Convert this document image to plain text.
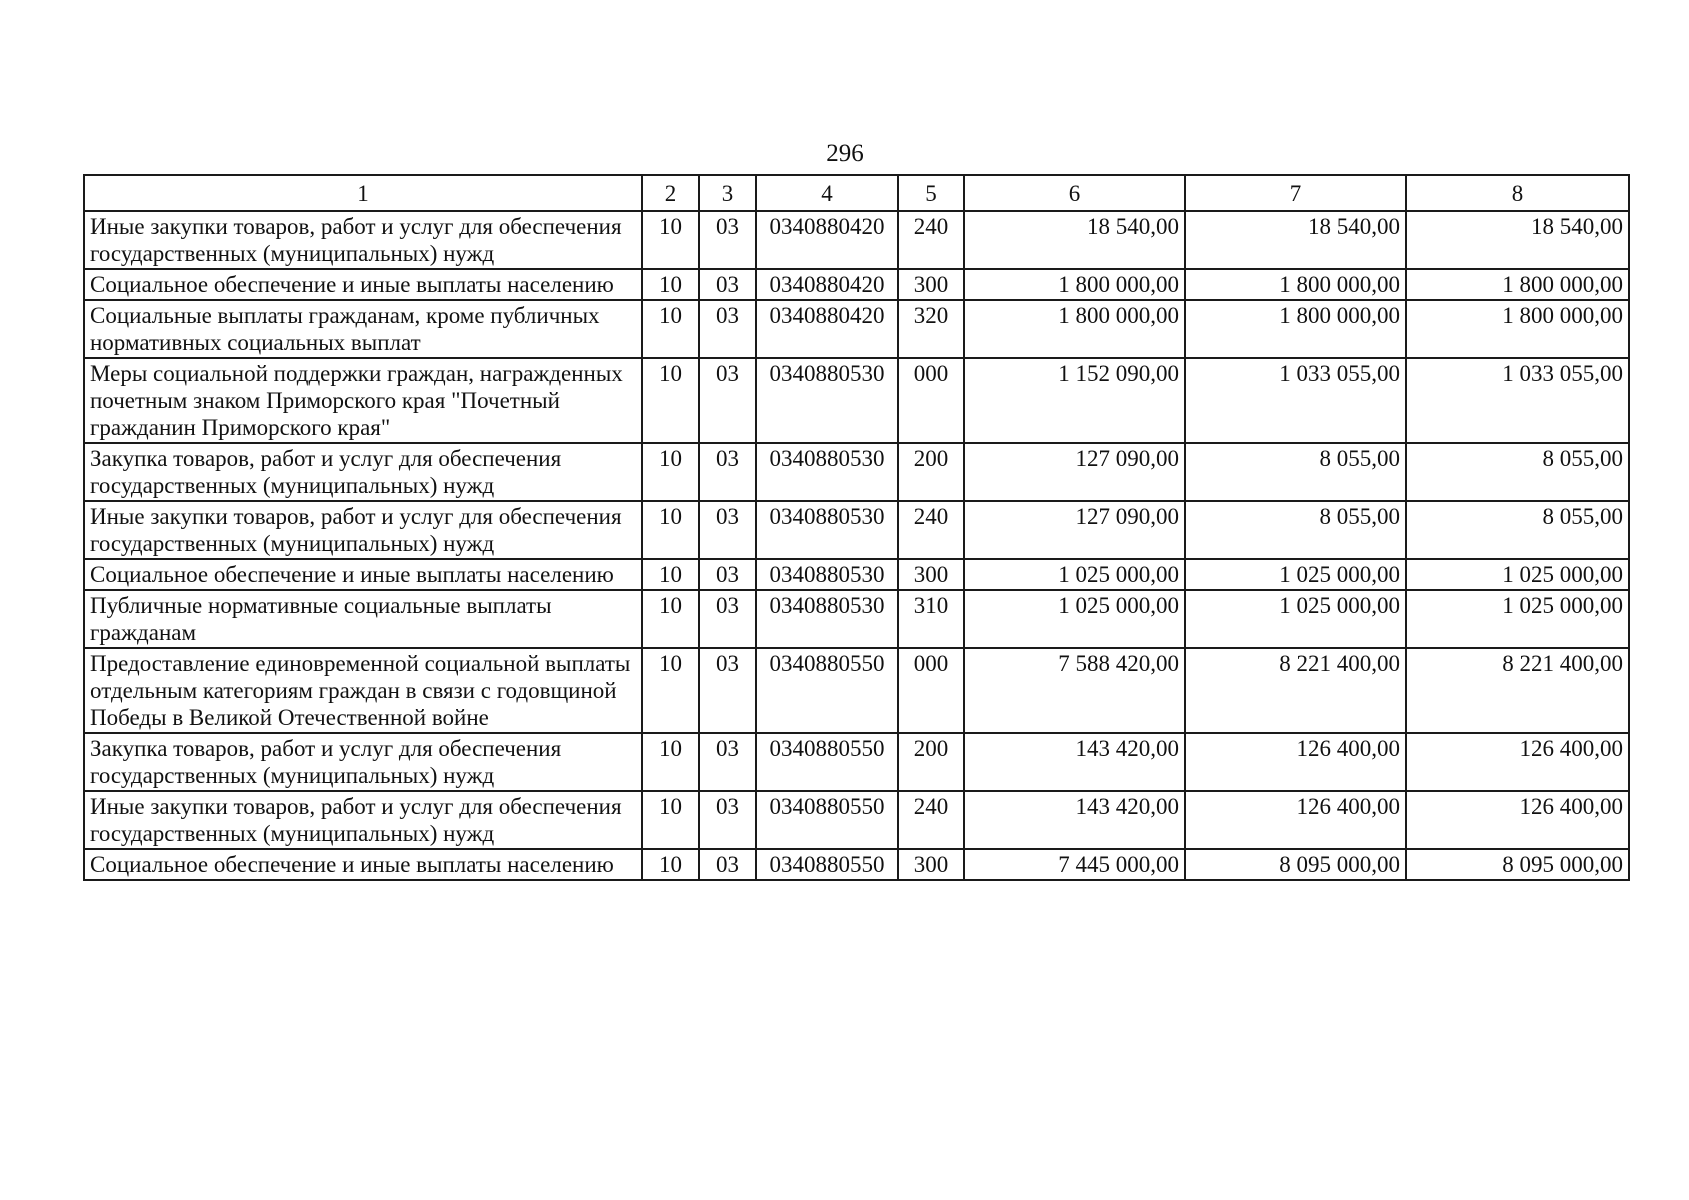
296
1	2	3	4	5	6	7	8
Иные закупки товаров, работ и услуг для обеспечения государственных (муниципальных) нужд	10	03	0340880420	240	18 540,00	18 540,00	18 540,00
Социальное обеспечение и иные выплаты населению	10	03	0340880420	300	1 800 000,00	1 800 000,00	1 800 000,00
Социальные выплаты гражданам, кроме публичных нормативных социальных выплат	10	03	0340880420	320	1 800 000,00	1 800 000,00	1 800 000,00
Меры социальной поддержки граждан, награжденных почетным знаком Приморского края "Почетный гражданин Приморского края"	10	03	0340880530	000	1 152 090,00	1 033 055,00	1 033 055,00
Закупка товаров, работ и услуг для обеспечения государственных (муниципальных) нужд	10	03	0340880530	200	127 090,00	8 055,00	8 055,00
Иные закупки товаров, работ и услуг для обеспечения государственных (муниципальных) нужд	10	03	0340880530	240	127 090,00	8 055,00	8 055,00
Социальное обеспечение и иные выплаты населению	10	03	0340880530	300	1 025 000,00	1 025 000,00	1 025 000,00
Публичные нормативные социальные выплаты гражданам	10	03	0340880530	310	1 025 000,00	1 025 000,00	1 025 000,00
Предоставление единовременной социальной выплаты отдельным категориям граждан в связи с годовщиной Победы в Великой Отечественной войне	10	03	0340880550	000	7 588 420,00	8 221 400,00	8 221 400,00
Закупка товаров, работ и услуг для обеспечения государственных (муниципальных) нужд	10	03	0340880550	200	143 420,00	126 400,00	126 400,00
Иные закупки товаров, работ и услуг для обеспечения государственных (муниципальных) нужд	10	03	0340880550	240	143 420,00	126 400,00	126 400,00
Социальное обеспечение и иные выплаты населению	10	03	0340880550	300	7 445 000,00	8 095 000,00	8 095 000,00
